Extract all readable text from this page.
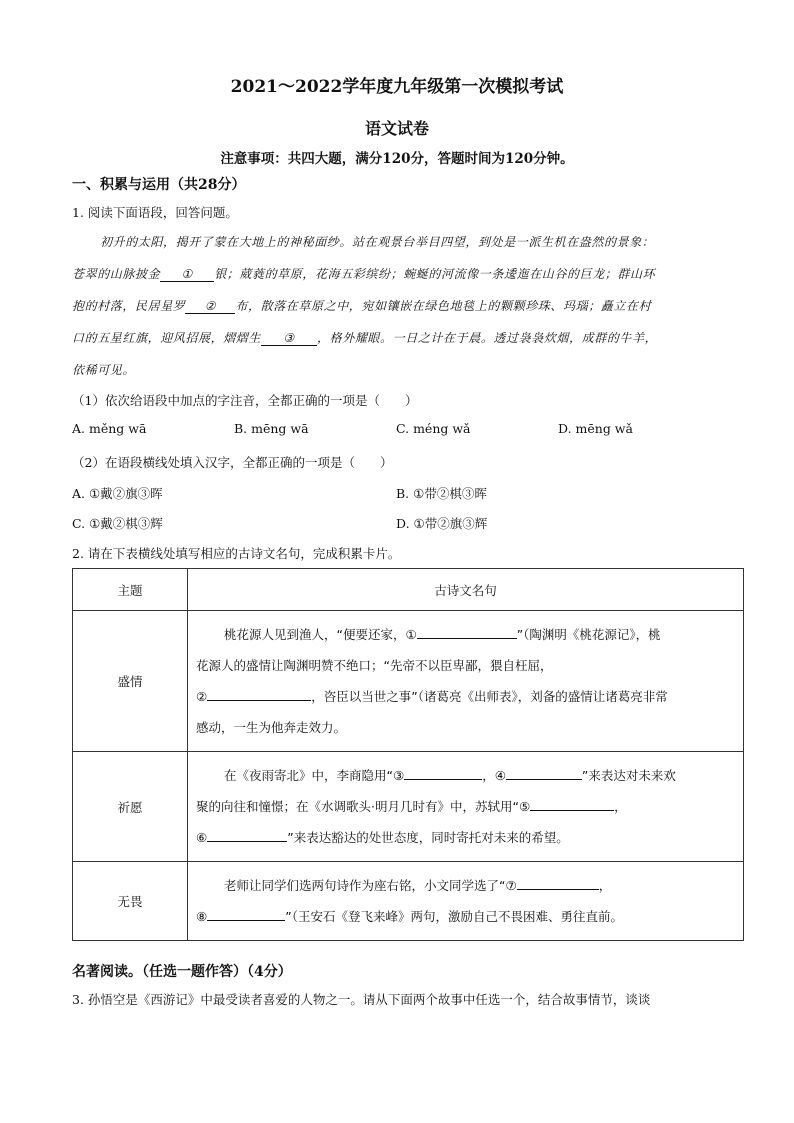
2021～2022学年度九年级第一次模拟考试
语文试卷
注意事项：共四大题，满分120分，答题时间为120分钟。
一、积累与运用（共28分）
1. 阅读下面语段，回答问题。
初升的太阳，揭开了蒙在大地上的神秘面纱。站在观景台举目四望，到处是一派生机在盎然的景象：
苍翠的山脉披金 ① 银；葳蕤的草原，花海五彩缤纷；蜿蜒的河流像一条逶迤在山谷的巨龙；群山环
抱的村落，民居星罗 ② 布，散落在草原之中，宛如镶嵌在绿色地毯上的颗颗珍珠、玛瑙；矗立在村
口的五星红旗，迎风招展，熠熠生 ③ ，格外耀眼。一日之计在于晨。透过袅袅炊烟，成群的牛羊，
依稀可见。
（1）依次给语段中加点的字注音，全都正确的一项是（　　）
A. měng wā	B. mēng wā	C. méng wǎ	D. mēng wǎ
（2）在语段横线处填入汉字，全都正确的一项是（　　）
A. ①戴②旗③晖	B. ①带②棋③晖
C. ①戴②棋③辉	D. ①带②旗③辉
2. 请在下表横线处填写相应的古诗文名句，完成积累卡片。
主题	古诗文名句
盛情	桃花源人见到渔人，“便要还家，① ”（陶渊明《桃花源记》，桃

花源人的盛情让陶渊明赞不绝口；“先帝不以臣卑鄙，猥自枉屈，

② ，咨臣以当世之事”（诸葛亮《出师表》，刘备的盛情让诸葛亮非常

感动，一生为他奔走效力。

祈愿	在《夜雨寄北》中，李商隐用“③ ，④ ”来表达对未来欢

聚的向往和憧憬；在《水调歌头·明月几时有》中，苏轼用“⑤ ，

⑥ ”来表达豁达的处世态度，同时寄托对未来的希望。

无畏	老师让同学们选两句诗作为座右铭，小文同学选了“⑦ ，

⑧ ”（王安石《登飞来峰》两句，激励自己不畏困难、勇往直前。

名著阅读。（任选一题作答）（4分）
3. 孙悟空是《西游记》中最受读者喜爱的人物之一。请从下面两个故事中任选一个，结合故事情节，谈谈
